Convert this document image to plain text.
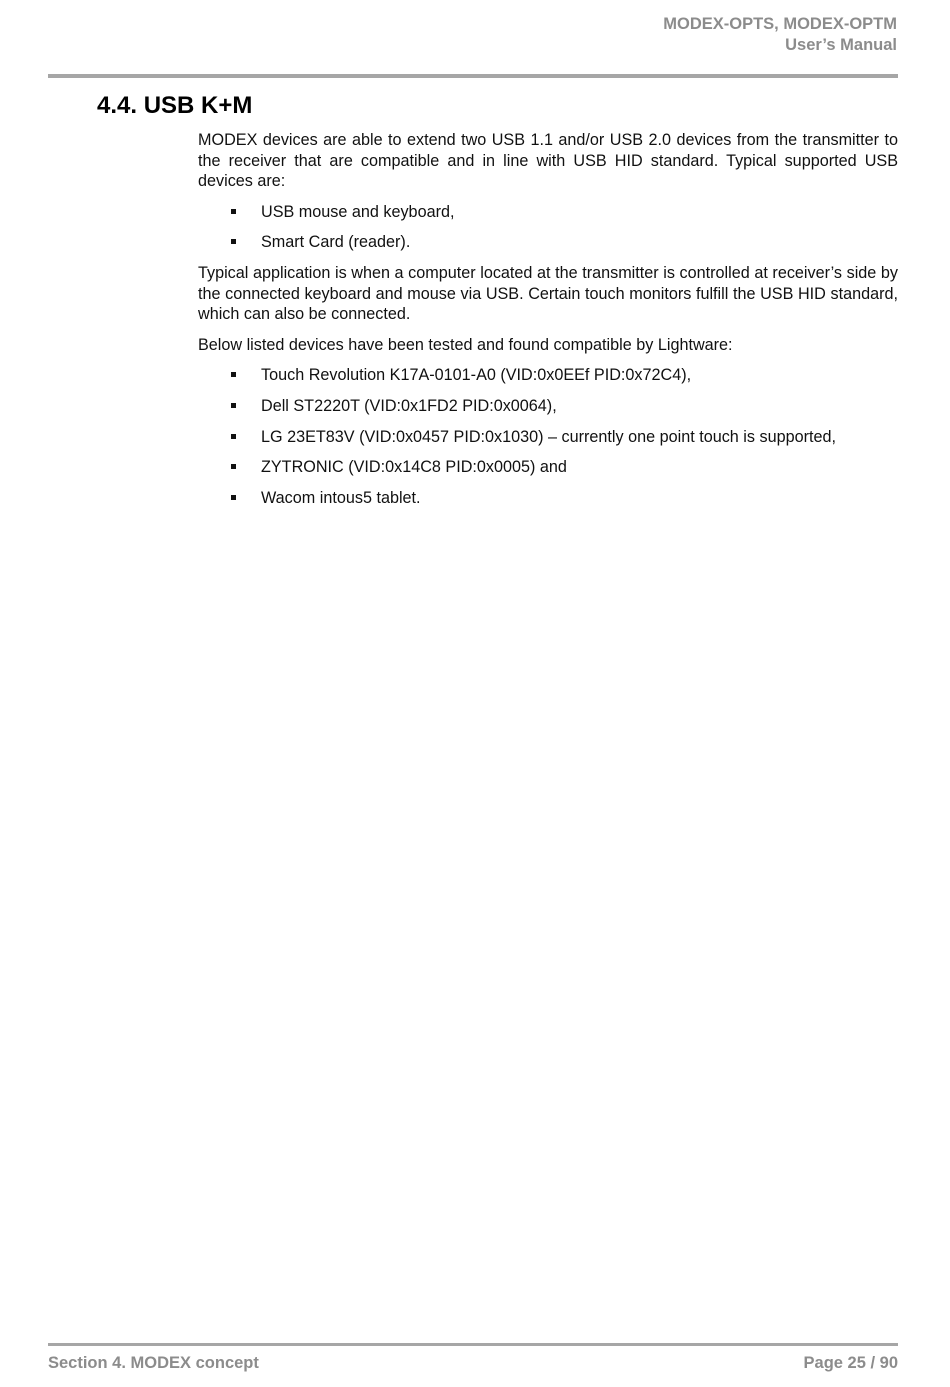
MODEX-OPTS, MODEX-OPTM
User’s Manual
4.4. USB K+M

MODEX devices are able to extend two USB 1.1 and/or USB 2.0 devices from the transmitter to the receiver that are compatible and in line with USB HID standard. Typical supported USB devices are:

USB mouse and keyboard,
Smart Card (reader).

Typical application is when a computer located at the transmitter is controlled at receiver’s side by the connected keyboard and mouse via USB. Certain touch monitors fulfill the USB HID standard, which can also be connected.

Below listed devices have been tested and found compatible by Lightware:

Touch Revolution K17A-0101-A0 (VID:0x0EEf PID:0x72C4),
Dell ST2220T (VID:0x1FD2 PID:0x0064),
LG 23ET83V (VID:0x0457 PID:0x1030) – currently one point touch is supported,
ZYTRONIC (VID:0x14C8 PID:0x0005) and
Wacom intous5 tablet.
Section 4. MODEX concept	Page 25 / 90
